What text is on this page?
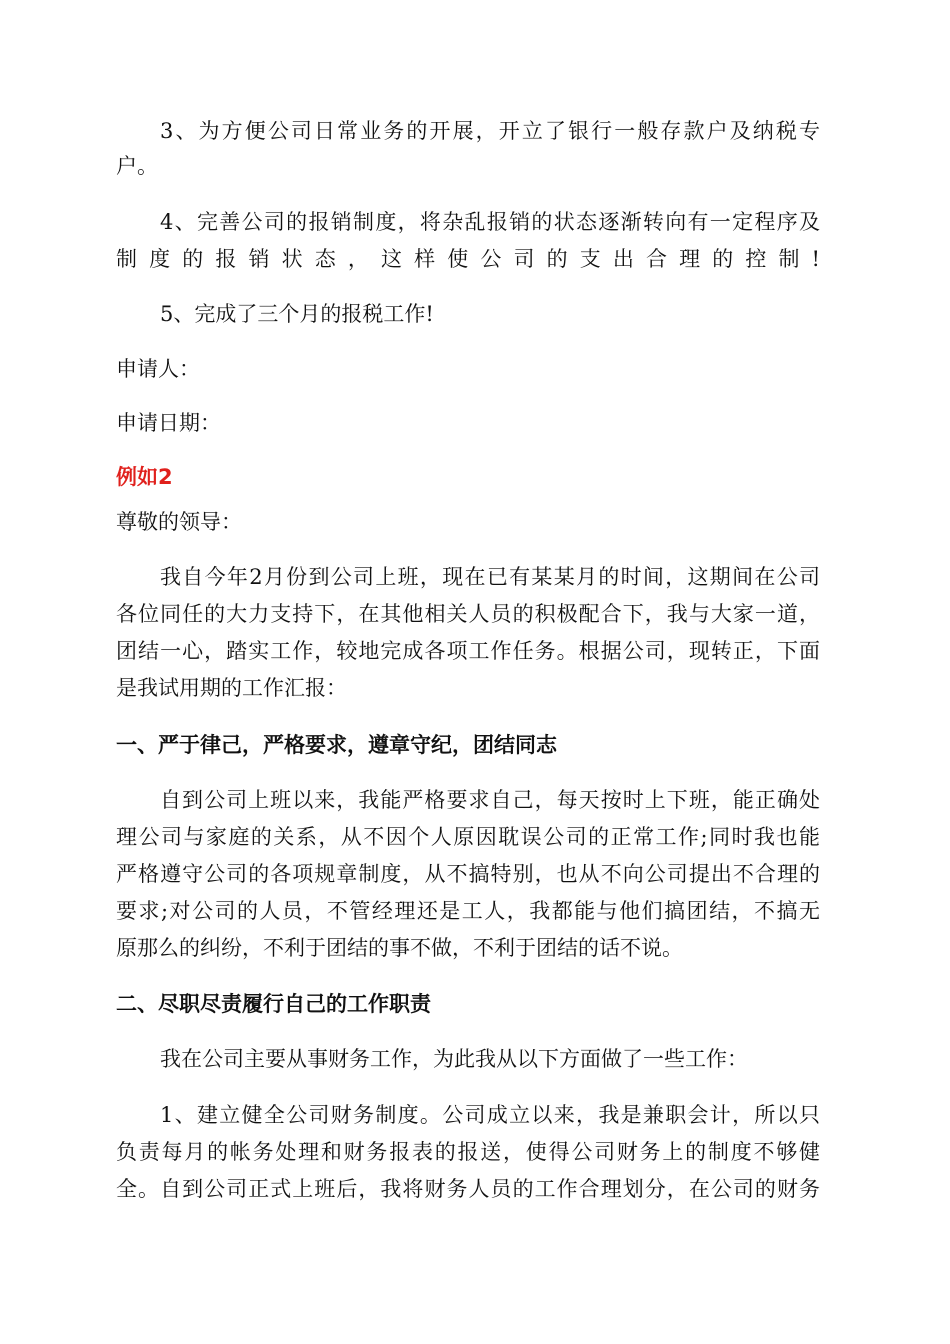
3、为方便公司日常业务的开展，开立了银行一般存款户及纳税专
户。
4、完善公司的报销制度，将杂乱报销的状态逐渐转向有一定程序及
制度的报销状态，这样使公司的支出合理的控制!
5、完成了三个月的报税工作!
申请人：
申请日期：
例如2
尊敬的领导：
我自今年2月份到公司上班，现在已有某某月的时间，这期间在公司
各位同任的大力支持下，在其他相关人员的积极配合下，我与大家一道，
团结一心，踏实工作，较地完成各项工作任务。根据公司，现转正，下面
是我试用期的工作汇报：
一、严于律己，严格要求，遵章守纪，团结同志
自到公司上班以来，我能严格要求自己，每天按时上下班，能正确处
理公司与家庭的关系，从不因个人原因耽误公司的正常工作;同时我也能
严格遵守公司的各项规章制度，从不搞特别，也从不向公司提出不合理的
要求;对公司的人员，不管经理还是工人，我都能与他们搞团结，不搞无
原那么的纠纷，不利于团结的事不做，不利于团结的话不说。
二、尽职尽责履行自己的工作职责
我在公司主要从事财务工作，为此我从以下方面做了一些工作：
1、建立健全公司财务制度。公司成立以来，我是兼职会计，所以只
负责每月的帐务处理和财务报表的报送，使得公司财务上的制度不够健
全。自到公司正式上班后，我将财务人员的工作合理划分，在公司的财务
